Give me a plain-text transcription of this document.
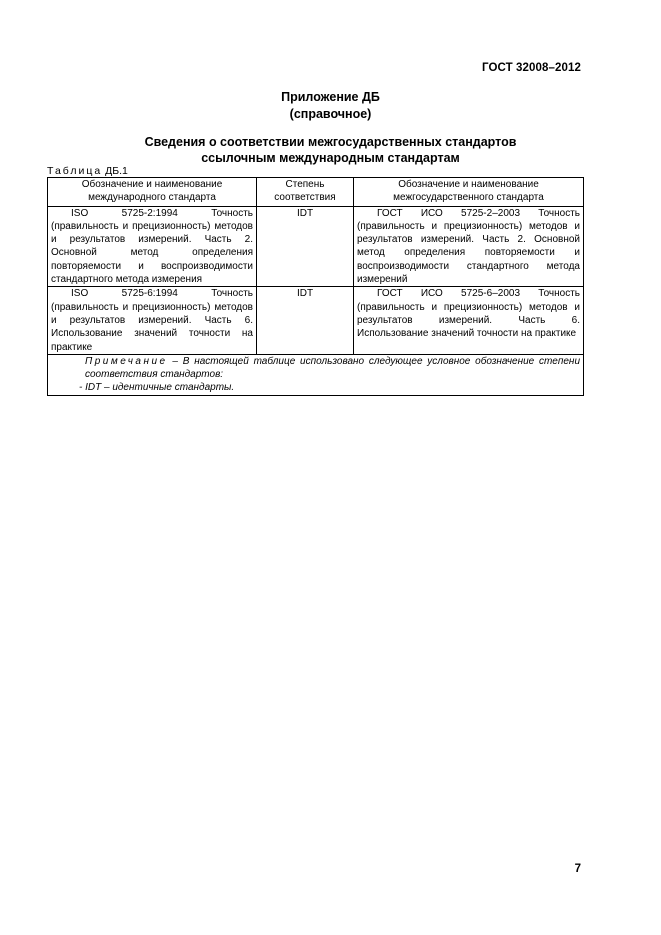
ГОСТ 32008–2012
Приложение ДБ
(справочное)
Сведения о соответствии межгосударственных стандартов
ссылочным международным стандартам
Таблица ДБ.1
Обозначение и наименование международного стандарта	Степень соответствия	Обозначение и наименование межгосударственного стандарта
ISO 5725-2:1994 Точность (правильность и прецизионность) методов и результатов измерений. Часть 2. Основной метод определения повторяемости и воспроизводимости стандартного метода измерения	IDT	ГОСТ ИСО 5725-2–2003 Точность (правильность и прецизионность) методов и результатов измерений. Часть 2. Основной метод определения повторяемости и воспроизводимости стандартного метода измерений
ISO 5725-6:1994 Точность (правильность и прецизионность) методов и результатов измерений. Часть 6. Использование значений точности на практике	IDT	ГОСТ ИСО 5725-6–2003 Точность (правильность и прецизионность) методов и результатов измерений. Часть 6. Использование значений точности на практике

Примечание – В настоящей таблице использовано следующее условное обозначение степени соответствия стандартов:
- IDT – идентичные стандарты.		
7
